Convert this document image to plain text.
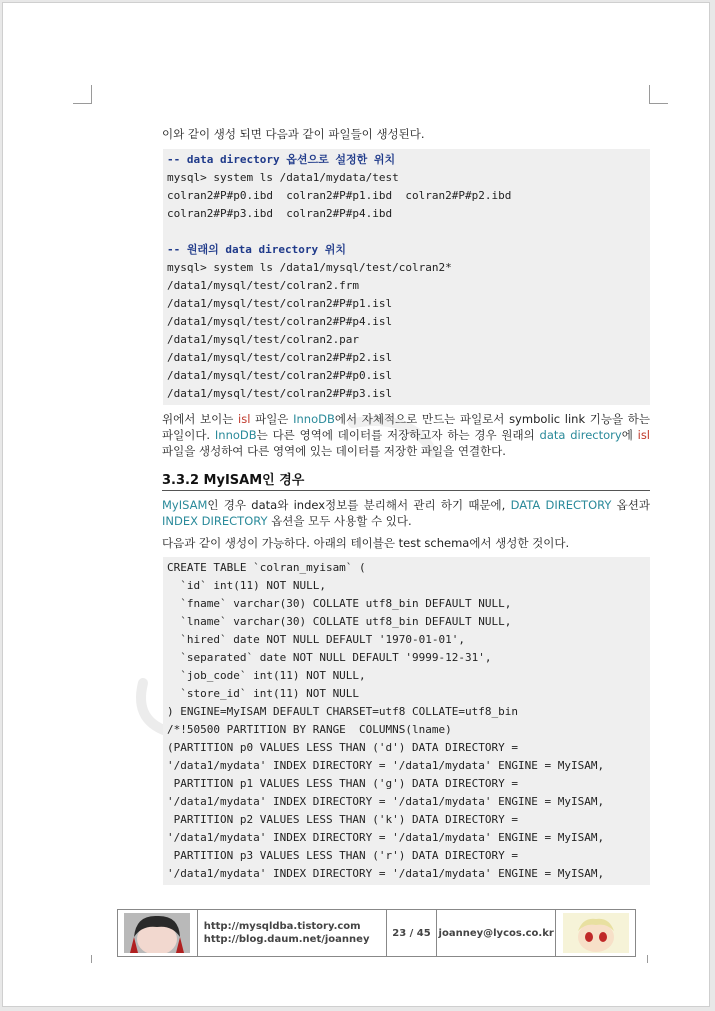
이와 같이 생성 되면 다음과 같이 파일들이 생성된다.
-- data directory 옵션으로 설정한 위치
mysql> system ls /data1/mydata/test
colran2#P#p0.ibd  colran2#P#p1.ibd  colran2#P#p2.ibd
colran2#P#p3.ibd  colran2#P#p4.ibd

-- 원래의 data directory 위치
mysql> system ls /data1/mysql/test/colran2*
/data1/mysql/test/colran2.frm
/data1/mysql/test/colran2#P#p1.isl
/data1/mysql/test/colran2#P#p4.isl
/data1/mysql/test/colran2.par
/data1/mysql/test/colran2#P#p2.isl
/data1/mysql/test/colran2#P#p0.isl
/data1/mysql/test/colran2#P#p3.isl
위에서 보이는 isl 파일은 InnoDB에서 자체적으로 만드는 파일로서 symbolic link 기능을 하는 파일이다. InnoDB는 다른 영역에 데이터를 저장하고자 하는 경우 원래의 data directory에 isl 파일을 생성하여 다른 영역에 있는 데이터를 저장한 파일을 연결한다.
3.3.2 MyISAM인 경우
MyISAM인 경우 data와 index정보를 분리해서 관리 하기 때문에, DATA DIRECTORY 옵션과 INDEX DIRECTORY 옵션을 모두 사용할 수 있다.
다음과 같이 생성이 가능하다. 아래의 테이블은 test schema에서 생성한 것이다.
CREATE TABLE `colran_myisam` (
`id` int(11) NOT NULL,
`fname` varchar(30) COLLATE utf8_bin DEFAULT NULL,
`lname` varchar(30) COLLATE utf8_bin DEFAULT NULL,
`hired` date NOT NULL DEFAULT '1970-01-01',
`separated` date NOT NULL DEFAULT '9999-12-31',
`job_code` int(11) NOT NULL,
`store_id` int(11) NOT NULL
) ENGINE=MyISAM DEFAULT CHARSET=utf8 COLLATE=utf8_bin
/*!50500 PARTITION BY RANGE  COLUMNS(lname)
(PARTITION p0 VALUES LESS THAN ('d') DATA DIRECTORY =
'/data1/mydata' INDEX DIRECTORY = '/data1/mydata' ENGINE = MyISAM,
PARTITION p1 VALUES LESS THAN ('g') DATA DIRECTORY =
'/data1/mydata' INDEX DIRECTORY = '/data1/mydata' ENGINE = MyISAM,
PARTITION p2 VALUES LESS THAN ('k') DATA DIRECTORY =
'/data1/mydata' INDEX DIRECTORY = '/data1/mydata' ENGINE = MyISAM,
PARTITION p3 VALUES LESS THAN ('r') DATA DIRECTORY =
'/data1/mydata' INDEX DIRECTORY = '/data1/mydata' ENGINE = MyISAM,
http://mysqldba.tistory.com
http://blog.daum.net/joanney
23 / 45 joanney@lycos.co.kr
